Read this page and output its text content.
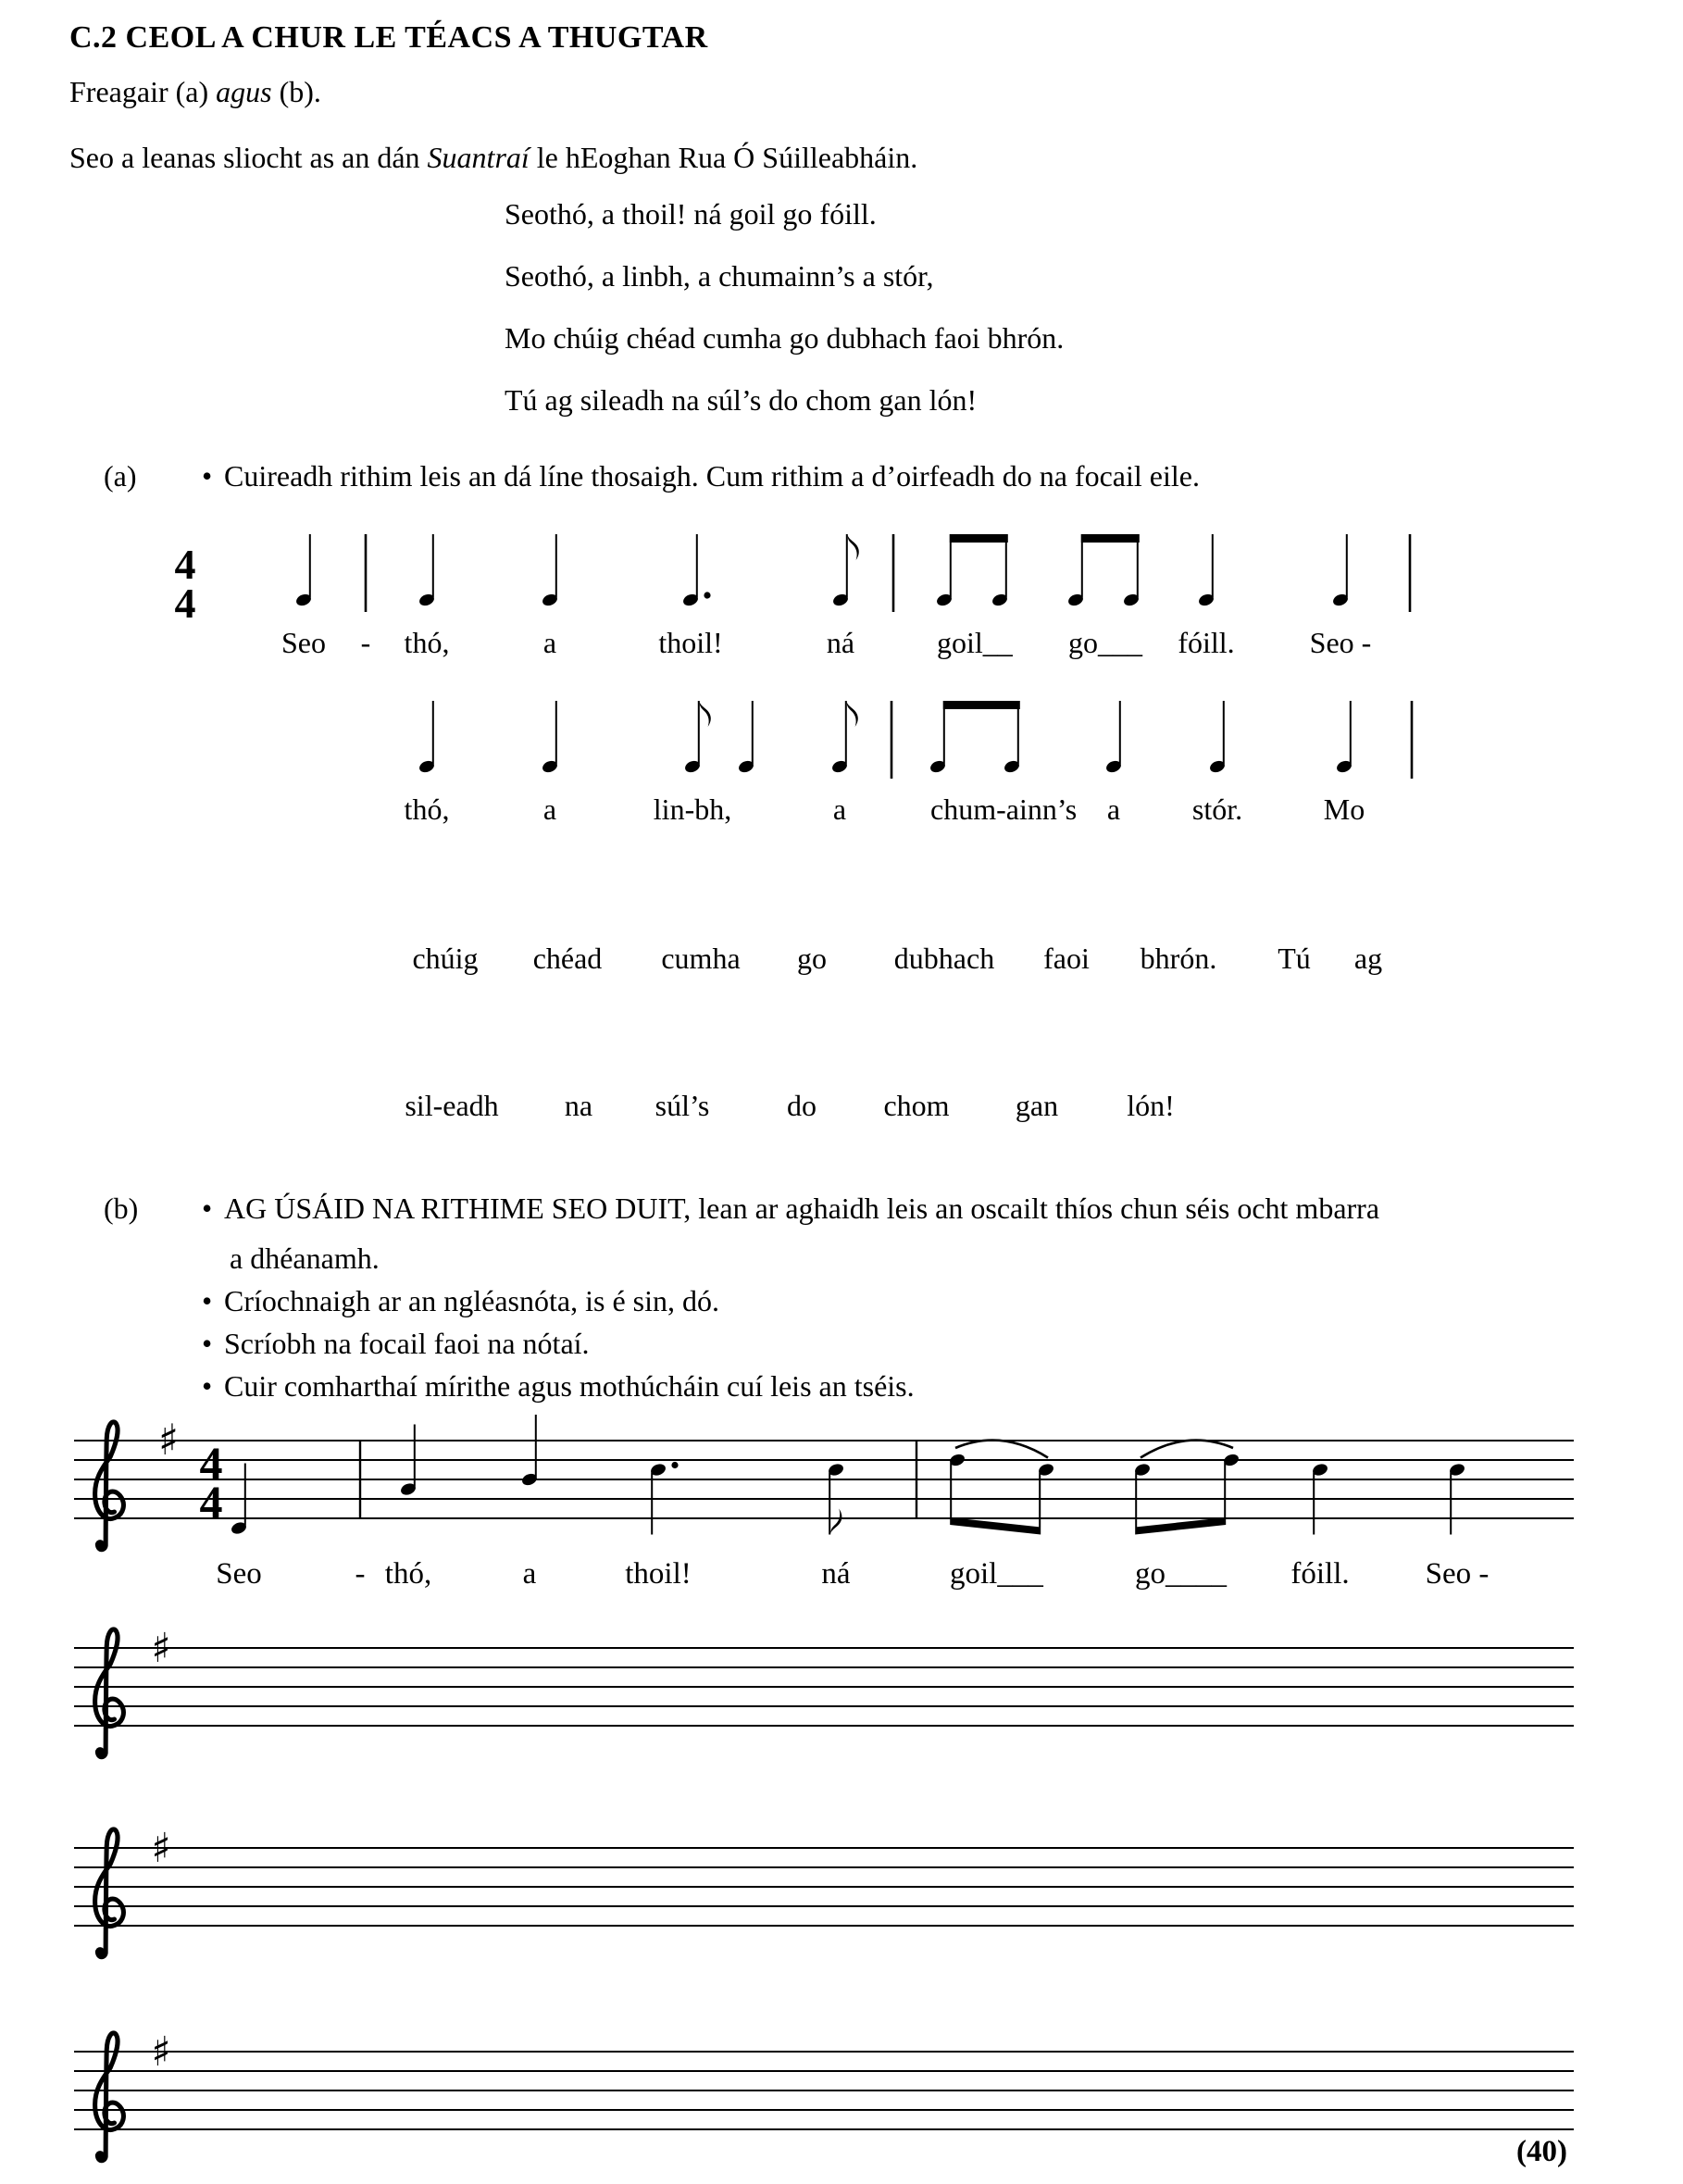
C.2 CEOL A CHUR LE TÉACS A THUGTAR
Freagair (a) agus (b).
Seo a leanas sliocht as an dán Suantraí le hEoghan Rua Ó Súilleabháin.
Seothó, a thoil! ná goil go fóill.
Seothó, a linbh, a chumainn’s a stór,
Mo chúig chéad cumha go dubhach faoi bhrón.
Tú ag sileadh na súl’s do chom gan lón!
(a) • Cuireadh rithim leis an dá líne thosaigh. Cum rithim a d’oirfeadh do na focail eile.
4
4
Seo - thó,	a	thoil!	ná	goil__ go___ fóill.	Seo -
thó,	a	lin-bh,	a	chum-ainn’s a stór.	Mo
chúig chéad cumha go dubhach faoi bhrón. Tú ag
sil-eadh na súl’s	do chom gan lón!
(b) • AG ÚSÁID NA RITHIME SEO DUIT, lean ar aghaidh leis an oscailt thíos chun séis ocht mbarra
a dhéanamh.
• Críochnaigh ar an ngléasnóta, is é sin, dó.
• Scríobh na focail faoi na nótaí.
• Cuir comharthaí mírithe agus mothúcháin cuí leis an tséis.
♯ 4
4
Seo	- thó,	a	thoil!	ná	goil___	go____ fóill. Seo -
♯
♯
♯
(40)
